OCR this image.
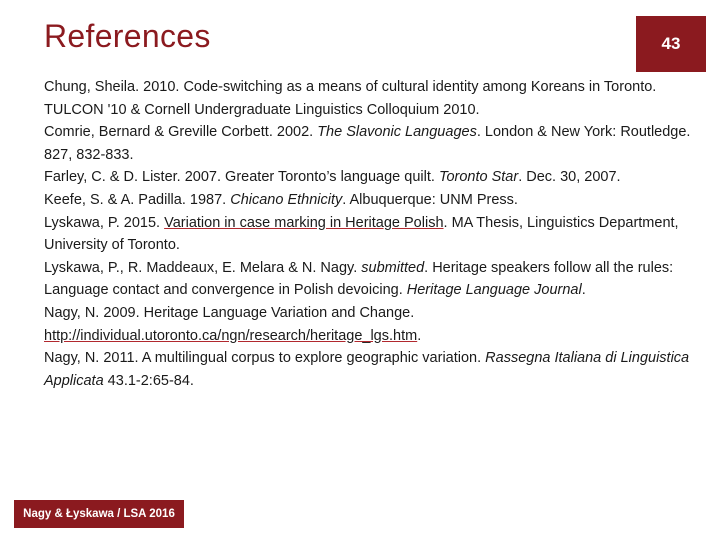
References	43

Chung, Sheila. 2010. Code-switching as a means of cultural identity among Koreans in Toronto. TULCON '10 & Cornell Undergraduate Linguistics Colloquium 2010.

Comrie, Bernard & Greville Corbett. 2002. The Slavonic Languages. London & New York: Routledge. 827, 832-833.

Farley, C. & D. Lister. 2007. Greater Toronto’s language quilt. Toronto Star. Dec. 30, 2007.

Keefe, S. & A. Padilla. 1987. Chicano Ethnicity. Albuquerque: UNM Press.

Lyskawa, P. 2015. Variation in case marking in Heritage Polish. MA Thesis, Linguistics Department, University of Toronto.

Lyskawa, P., R. Maddeaux, E. Melara & N. Nagy. submitted. Heritage speakers follow all the rules: Language contact and convergence in Polish devoicing. Heritage Language Journal.

Nagy, N. 2009. Heritage Language Variation and Change. http://individual.utoronto.ca/ngn/research/heritage_lgs.htm.

Nagy, N. 2011. A multilingual corpus to explore geographic variation. Rassegna Italiana di Linguistica Applicata 43.1-2:65-84.

Nagy & Łyskawa / LSA 2016
